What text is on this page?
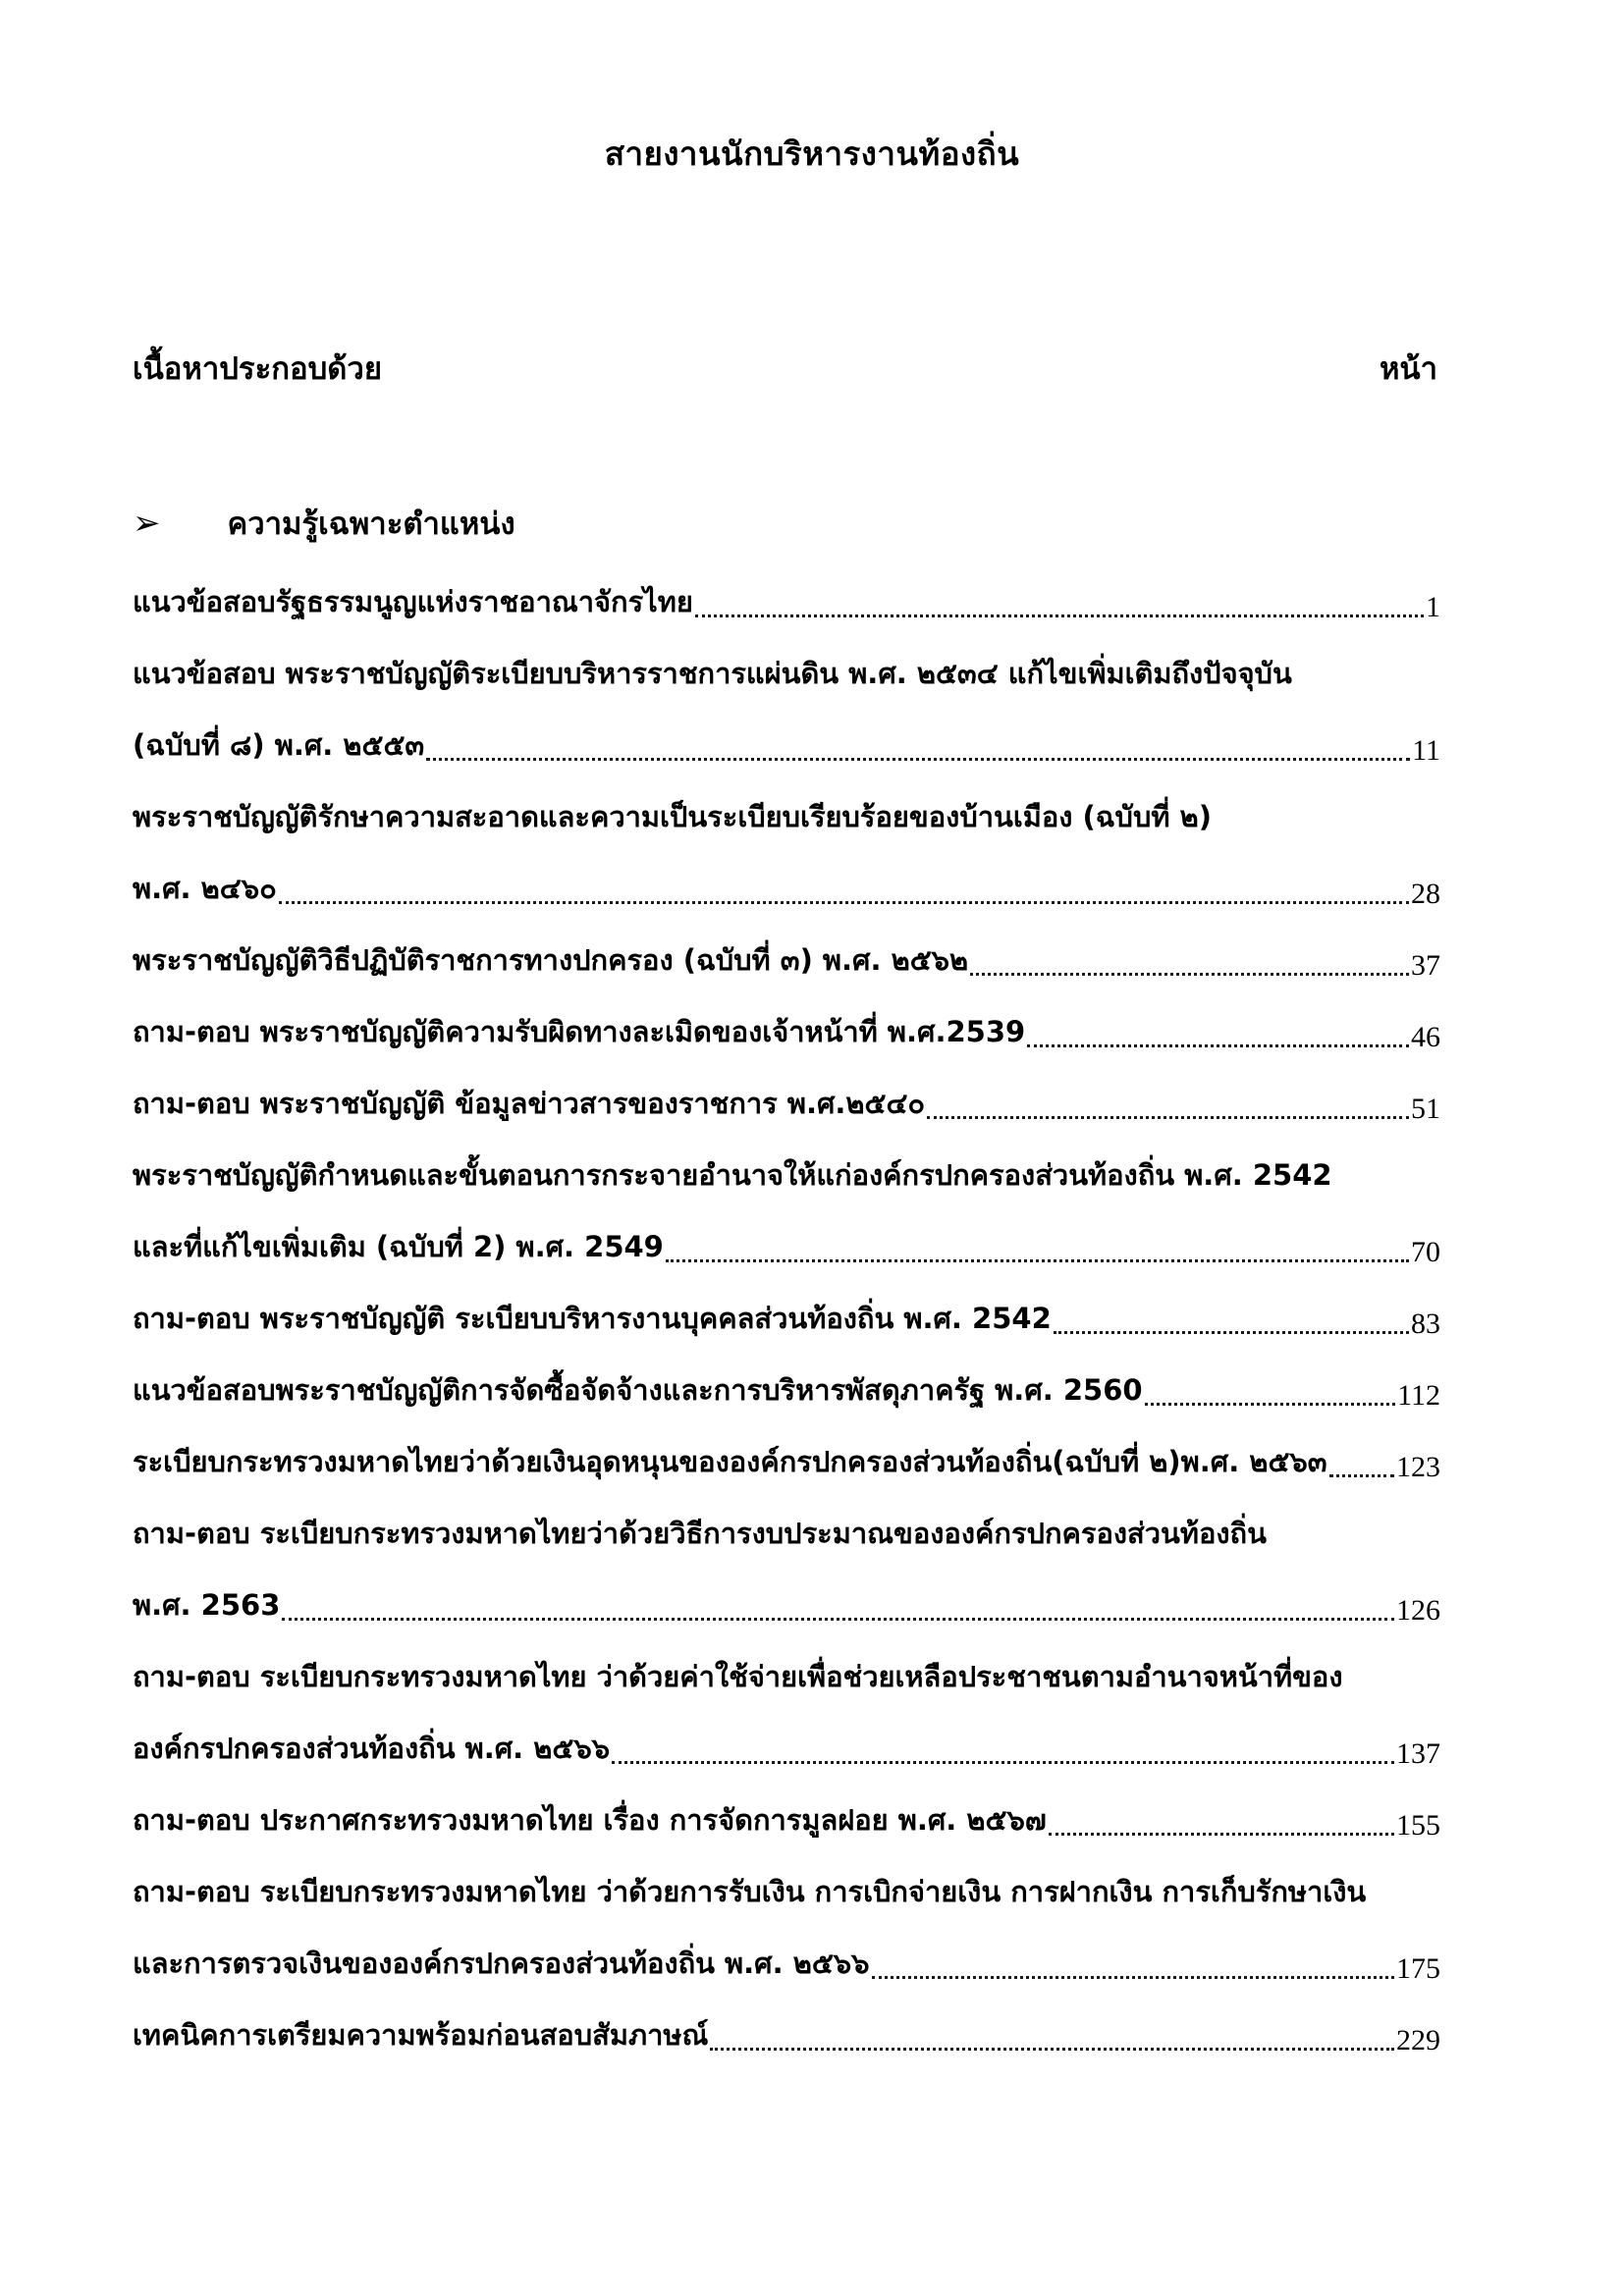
สายงานนักบริหารงานท้องถิ่น
เนื้อหาประกอบด้วย	หน้า
➢ ความรู้เฉพาะตำแหน่ง
แนวข้อสอบรัฐธรรมนูญแห่งราชอาณาจักรไทย	1
แนวข้อสอบ พระราชบัญญัติระเบียบบริหารราชการแผ่นดิน พ.ศ. ๒๕๓๔ แก้ไขเพิ่มเติมถึงปัจจุบัน
(ฉบับที่ ๘) พ.ศ. ๒๕๕๓	11
พระราชบัญญัติรักษาความสะอาดและความเป็นระเบียบเรียบร้อยของบ้านเมือง (ฉบับที่ ๒)
พ.ศ. ๒๔๖๐	28
พระราชบัญญัติวิธีปฏิบัติราชการทางปกครอง (ฉบับที่ ๓) พ.ศ. ๒๕๖๒	37
ถาม-ตอบ พระราชบัญญัติความรับผิดทางละเมิดของเจ้าหน้าที่ พ.ศ.2539	46
ถาม-ตอบ พระราชบัญญัติ ข้อมูลข่าวสารของราชการ พ.ศ.๒๕๔๐	51
พระราชบัญญัติกำหนดและขั้นตอนการกระจายอำนาจให้แก่องค์กรปกครองส่วนท้องถิ่น พ.ศ. 2542
และที่แก้ไขเพิ่มเติม (ฉบับที่ 2) พ.ศ. 2549	70
ถาม-ตอบ พระราชบัญญัติ ระเบียบบริหารงานบุคคลส่วนท้องถิ่น พ.ศ. 2542	83
แนวข้อสอบพระราชบัญญัติการจัดซื้อจัดจ้างและการบริหารพัสดุภาครัฐ พ.ศ. 2560	112
ระเบียบกระทรวงมหาดไทยว่าด้วยเงินอุดหนุนขององค์กรปกครองส่วนท้องถิ่น(ฉบับที่ ๒)พ.ศ. ๒๕๖๓ 123
ถาม-ตอบ ระเบียบกระทรวงมหาดไทยว่าด้วยวิธีการงบประมาณขององค์กรปกครองส่วนท้องถิ่น
พ.ศ. 2563	126
ถาม-ตอบ ระเบียบกระทรวงมหาดไทย ว่าด้วยค่าใช้จ่ายเพื่อช่วยเหลือประชาชนตามอำนาจหน้าที่ของ
องค์กรปกครองส่วนท้องถิ่น พ.ศ. ๒๕๖๖	137
ถาม-ตอบ ประกาศกระทรวงมหาดไทย เรื่อง การจัดการมูลฝอย พ.ศ. ๒๕๖๗	155
ถาม-ตอบ ระเบียบกระทรวงมหาดไทย ว่าด้วยการรับเงิน การเบิกจ่ายเงิน การฝากเงิน การเก็บรักษาเงิน
และการตรวจเงินขององค์กรปกครองส่วนท้องถิ่น พ.ศ. ๒๕๖๖	175
เทคนิคการเตรียมความพร้อมก่อนสอบสัมภาษณ์	229
